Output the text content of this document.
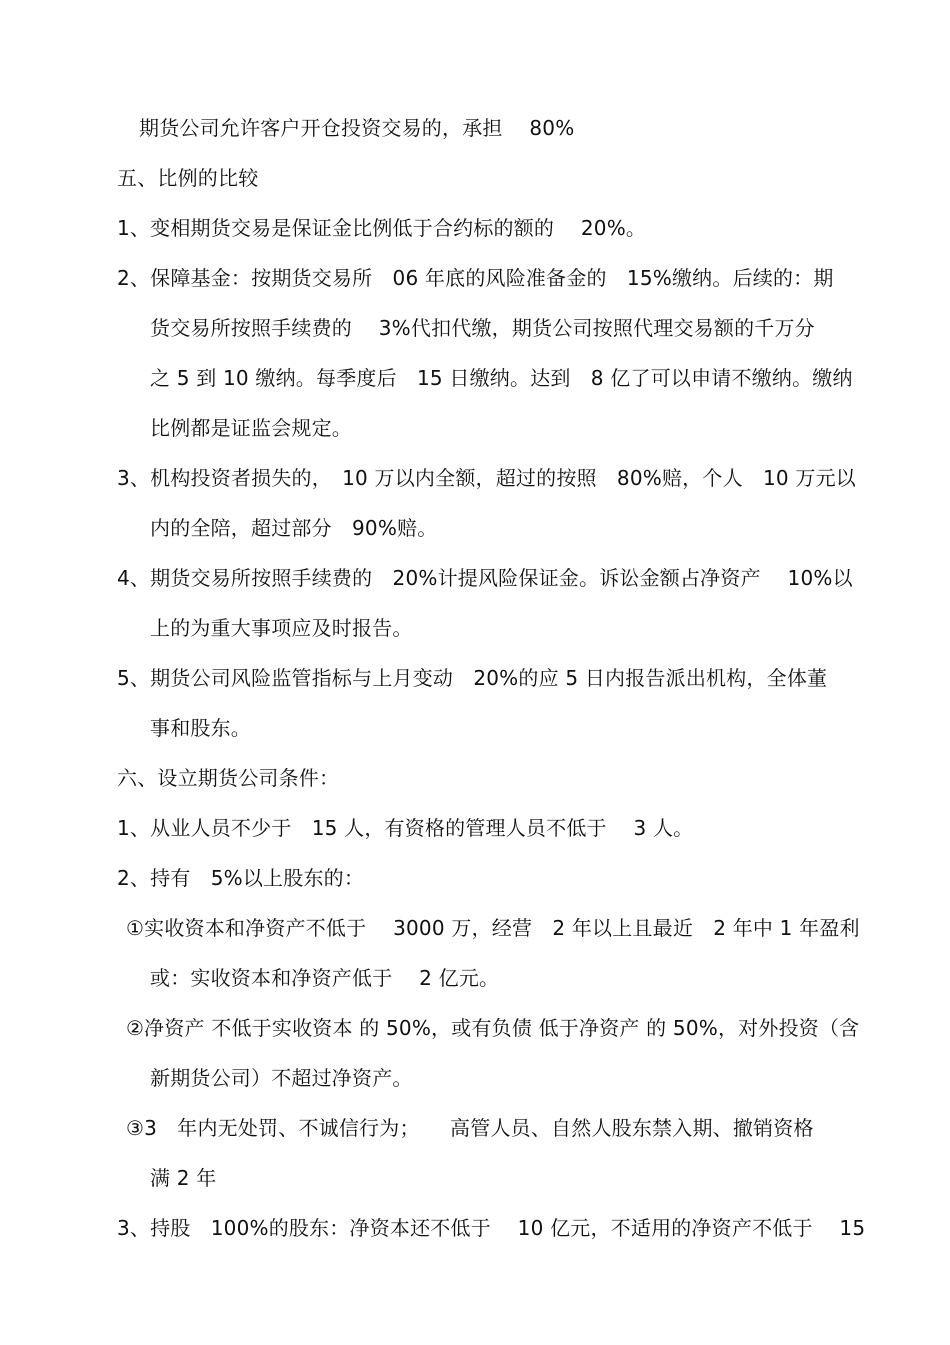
期货公司允许客户开仓投资交易的，承担　 80%
五、比例的比较
1、变相期货交易是保证金比例低于合约标的额的　 20%。
2、保障基金：按期货交易所　06 年底的风险准备金的　15%缴纳。后续的：期
货交易所按照手续费的　 3%代扣代缴，期货公司按照代理交易额的千万分
之 5 到 10 缴纳。每季度后　15 日缴纳。达到　8 亿了可以申请不缴纳。缴纳
比例都是证监会规定。
3、机构投资者损失的，　10 万以内全额，超过的按照　80%赔，个人　10 万元以
内的全陪，超过部分　90%赔。
4、期货交易所按照手续费的　20%计提风险保证金。诉讼金额占净资产　 10%以
上的为重大事项应及时报告。
5、期货公司风险监管指标与上月变动　20%的应 5 日内报告派出机构，全体董
事和股东。
六、设立期货公司条件：
1、从业人员不少于　15 人，有资格的管理人员不低于　 3 人。
2、持有　5%以上股东的：
①实收资本和净资产不低于　 3000 万，经营　2 年以上且最近　2 年中 1 年盈利
或：实收资本和净资产低于　 2 亿元。
②净资产 不低于实收资本 的 50%，或有负债 低于净资产 的 50%，对外投资（含
新期货公司）不超过净资产。
③3　年内无处罚、不诚信行为；　　高管人员、自然人股东禁入期、撤销资格
满 2 年
3、持股　100%的股东：净资本还不低于　 10 亿元，不适用的净资产不低于　 15
